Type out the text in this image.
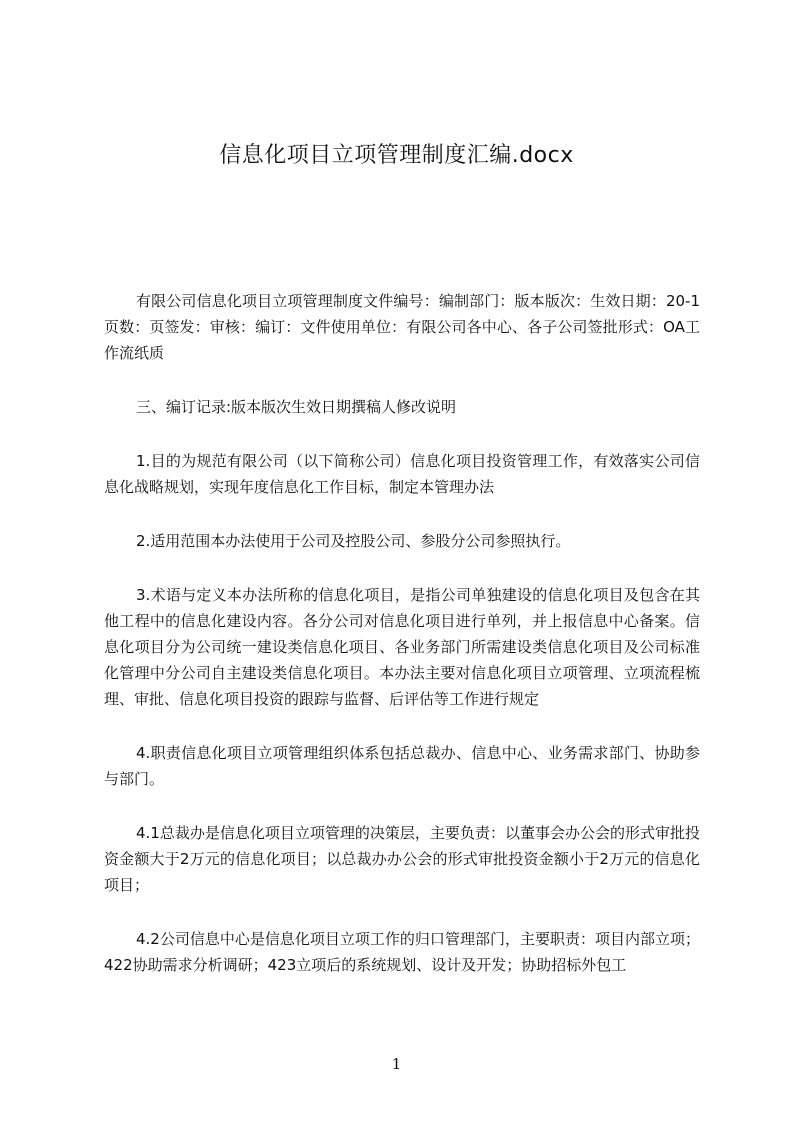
信息化项目立项管理制度汇编.docx

有限公司信息化项目立项管理制度文件编号：编制部门：版本版次：生效日期：20-1页数：页签发：审核：编订：文件使用单位：有限公司各中心、各子公司签批形式：OA工作流纸质

三、编订记录:版本版次生效日期撰稿人修改说明

1.目的为规范有限公司（以下简称公司）信息化项目投资管理工作，有效落实公司信息化战略规划，实现年度信息化工作目标，制定本管理办法

2.适用范围本办法使用于公司及控股公司、参股分公司参照执行。

3.术语与定义本办法所称的信息化项目，是指公司单独建设的信息化项目及包含在其他工程中的信息化建设内容。各分公司对信息化项目进行单列，并上报信息中心备案。信息化项目分为公司统一建设类信息化项目、各业务部门所需建设类信息化项目及公司标准化管理中分公司自主建设类信息化项目。本办法主要对信息化项目立项管理、立项流程梳理、审批、信息化项目投资的跟踪与监督、后评估等工作进行规定

4.职责信息化项目立项管理组织体系包括总裁办、信息中心、业务需求部门、协助参与部门。

4.1总裁办是信息化项目立项管理的决策层，主要负责：以董事会办公会的形式审批投资金额大于2万元的信息化项目；以总裁办办公会的形式审批投资金额小于2万元的信息化项目；

4.2公司信息中心是信息化项目立项工作的归口管理部门，主要职责：项目内部立项；422协助需求分析调研；423立项后的系统规划、设计及开发；协助招标外包工

1
